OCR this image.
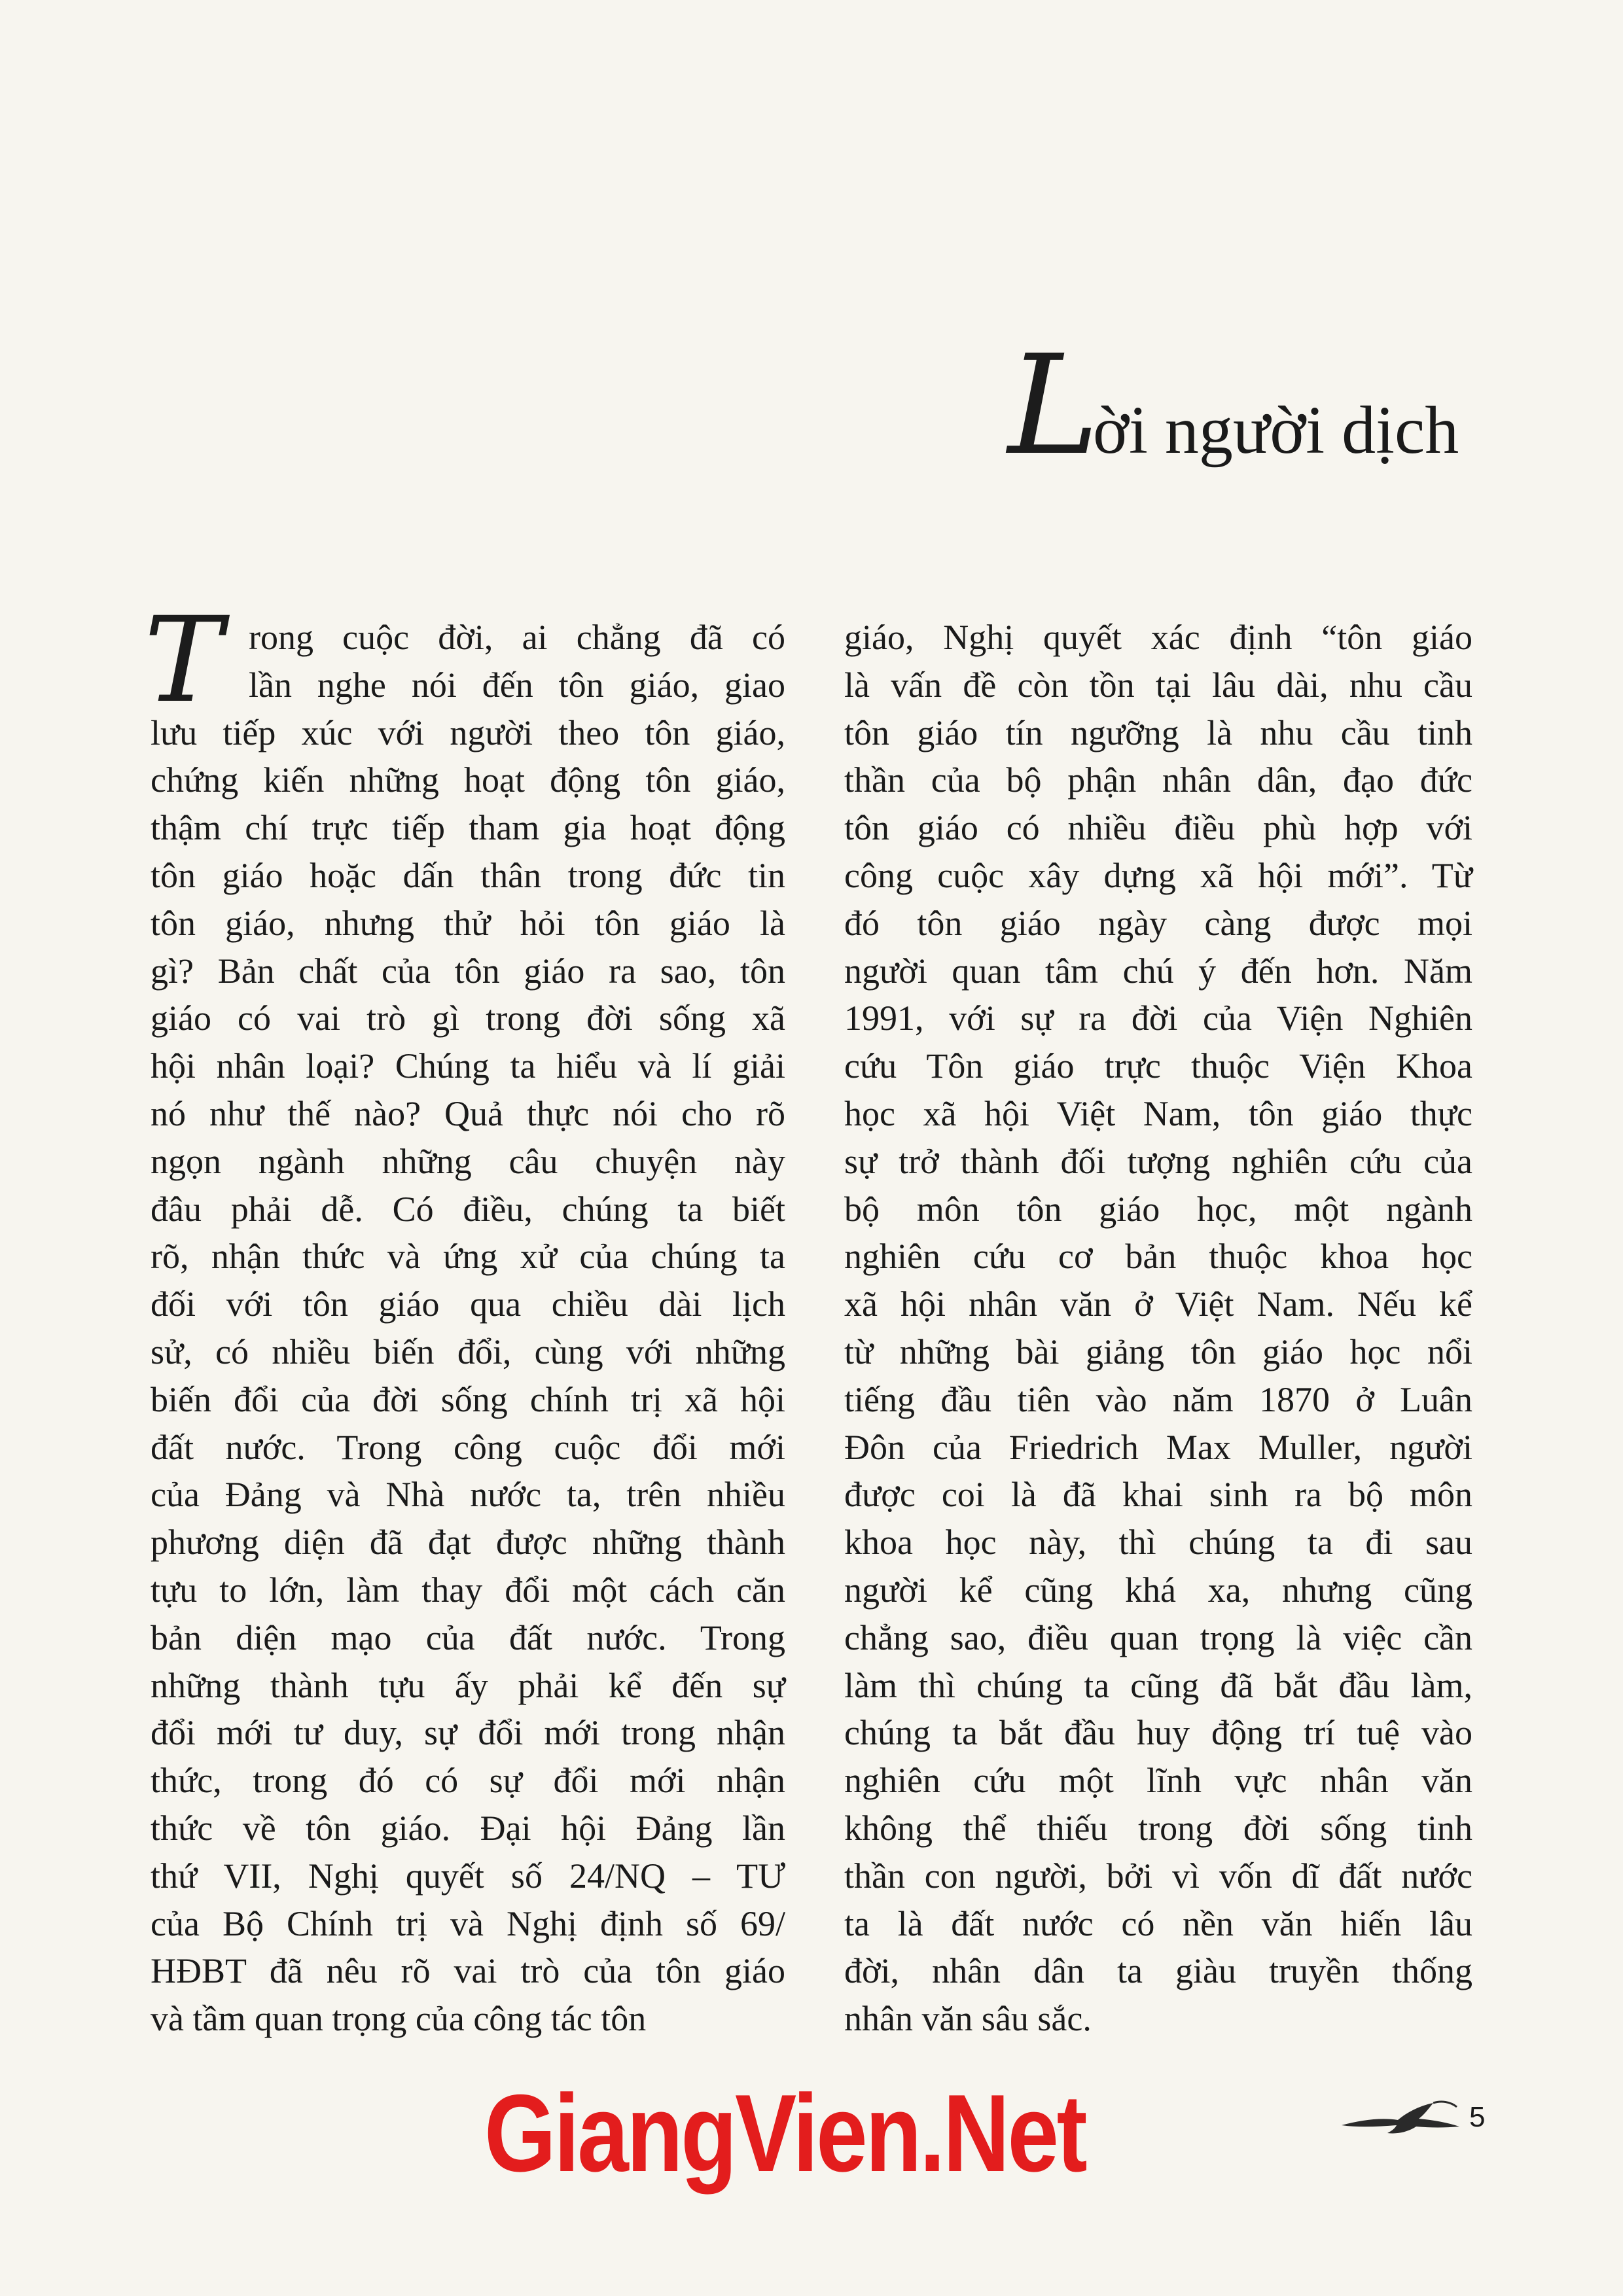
L
ời người dịch
T rong cuộc đời, ai chẳng đã có
lần nghe nói đến tôn giáo, giao
lưu tiếp xúc với người theo tôn giáo,
chứng kiến những hoạt động tôn giáo,
thậm chí trực tiếp tham gia hoạt động
tôn giáo hoặc dấn thân trong đức tin
tôn giáo, nhưng thử hỏi tôn giáo là
gì? Bản chất của tôn giáo ra sao, tôn
giáo có vai trò gì trong đời sống xã
hội nhân loại? Chúng ta hiểu và lí giải
nó như thế nào? Quả thực nói cho rõ
ngọn ngành những câu chuyện này
đâu phải dễ. Có điều, chúng ta biết
rõ, nhận thức và ứng xử của chúng ta
đối với tôn giáo qua chiều dài lịch
sử, có nhiều biến đổi, cùng với những
biến đổi của đời sống chính trị xã hội
đất nước. Trong công cuộc đổi mới
của Đảng và Nhà nước ta, trên nhiều
phương diện đã đạt được những thành
tựu to lớn, làm thay đổi một cách căn
bản diện mạo của đất nước. Trong
những thành tựu ấy phải kể đến sự
đổi mới tư duy, sự đổi mới trong nhận
thức, trong đó có sự đổi mới nhận
thức về tôn giáo. Đại hội Đảng lần
thứ VII, Nghị quyết số 24/NQ – TƯ
của Bộ Chính trị và Nghị định số 69/
HĐBT đã nêu rõ vai trò của tôn giáo
và tầm quan trọng của công tác tôn
giáo, Nghị quyết xác định “tôn giáo
là vấn đề còn tồn tại lâu dài, nhu cầu
tôn giáo tín ngưỡng là nhu cầu tinh
thần của bộ phận nhân dân, đạo đức
tôn giáo có nhiều điều phù hợp với
công cuộc xây dựng xã hội mới”. Từ
đó tôn giáo ngày càng được mọi
người quan tâm chú ý đến hơn. Năm
1991, với sự ra đời của Viện Nghiên
cứu Tôn giáo trực thuộc Viện Khoa
học xã hội Việt Nam, tôn giáo thực
sự trở thành đối tượng nghiên cứu của
bộ môn tôn giáo học, một ngành
nghiên cứu cơ bản thuộc khoa học
xã hội nhân văn ở Việt Nam. Nếu kể
từ những bài giảng tôn giáo học nổi
tiếng đầu tiên vào năm 1870 ở Luân
Đôn của Friedrich Max Muller, người
được coi là đã khai sinh ra bộ môn
khoa học này, thì chúng ta đi sau
người kể cũng khá xa, nhưng cũng
chẳng sao, điều quan trọng là việc cần
làm thì chúng ta cũng đã bắt đầu làm,
chúng ta bắt đầu huy động trí tuệ vào
nghiên cứu một lĩnh vực nhân văn
không thể thiếu trong đời sống tinh
thần con người, bởi vì vốn dĩ đất nước
ta là đất nước có nền văn hiến lâu
đời, nhân dân ta giàu truyền thống
nhân văn sâu sắc.
GiangVien.Net	5
